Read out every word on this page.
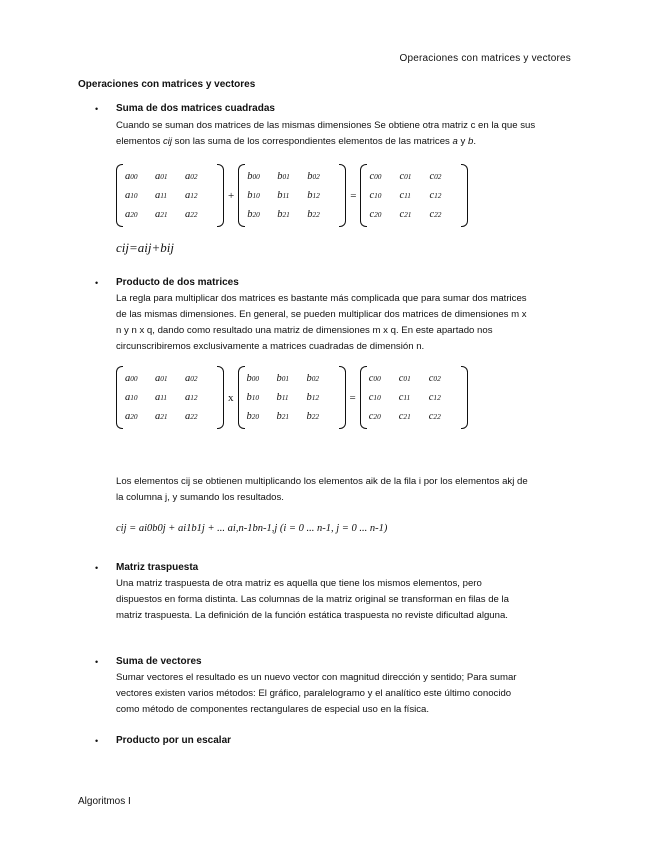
Operaciones con matrices y vectores
Operaciones con matrices y vectores
• Suma de dos matrices cuadradas
Cuando se suman dos matrices de las mismas dimensiones Se obtiene otra matriz c en la que sus
elementos cij son las suma de los correspondientes elementos de las matrices a y b.
a 00 a 01 a 02
a 10 a 11 a 12
a 20 a 21 a 22
+
b 00 b 01 b 02
b 10 b 11 b 12
b 20 b 21 b 22
=
c 00 c 01 c 02
c 10 c 11 c 12
c 20 c 21 c 22
cij=aij+bij
• Producto de dos matrices
La regla para multiplicar dos matrices es bastante más complicada que para sumar dos matrices
de las mismas dimensiones. En general, se pueden multiplicar dos matrices de dimensiones m x
n y n x q, dando como resultado una matriz de dimensiones m x q. En este apartado nos
circunscribiremos exclusivamente a matrices cuadradas de dimensión n.
a 00 a 01 a 02
a 10 a 11 a 12
a 20 a 21 a 22
x
b 00 b 01 b 02
b 10 b 11 b 12
b 20 b 21 b 22
=
c 00 c 01 c 02
c 10 c 11 c 12
c 20 c 21 c 22
Los elementos cij se obtienen multiplicando los elementos aik de la fila i por los elementos akj de
la columna j, y sumando los resultados.
cij = ai0b0j + ai1b1j + ... ai,n-1bn-1,j (i = 0 ... n-1, j = 0 ... n-1)
• Matriz traspuesta
Una matriz traspuesta de otra matriz es aquella que tiene los mismos elementos, pero
dispuestos en forma distinta. Las columnas de la matriz original se transforman en filas de la
matriz traspuesta. La definición de la función estática traspuesta no reviste dificultad alguna.
• Suma de vectores
Sumar vectores el resultado es un nuevo vector con magnitud dirección y sentido; Para sumar
vectores existen varios métodos: El gráfico, paralelogramo y el analítico este último conocido
como método de componentes rectangulares de especial uso en la física.
• Producto por un escalar
Algoritmos I
